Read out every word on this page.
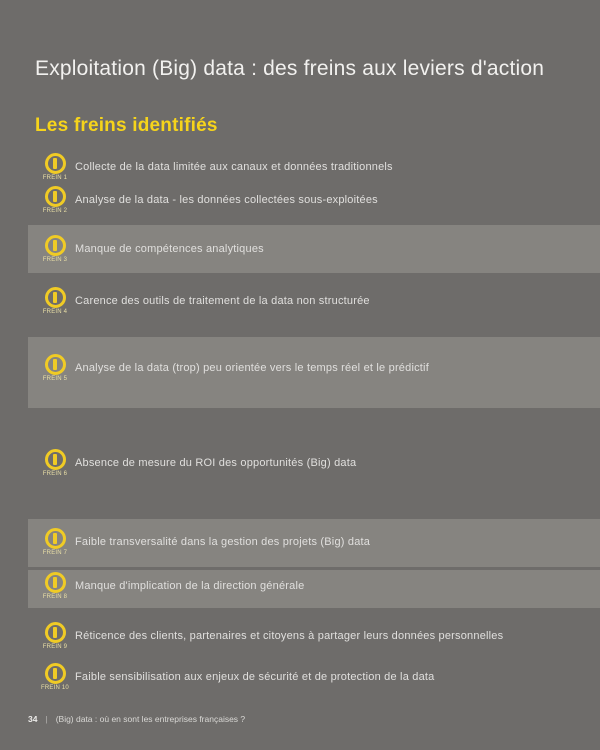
Exploitation (Big) data : des freins aux leviers d'action
Les freins identifiés
FREIN 1
Collecte de la data limitée aux canaux et données traditionnels
FREIN 2
Analyse de la data - les données collectées sous-exploitées
FREIN 3
Manque de compétences analytiques
FREIN 4
Carence des outils de traitement de la data non structurée
FREIN 5
Analyse de la data (trop) peu orientée vers le temps réel et le prédictif
FREIN 6
Absence de mesure du ROI des opportunités (Big) data
FREIN 7
Faible transversalité dans la gestion des projets (Big) data
FREIN 8
Manque d'implication de la direction générale
FREIN 9
Réticence des clients, partenaires et citoyens à partager leurs données personnelles
FREIN 10
Faible sensibilisation aux enjeux de sécurité et de protection de la data
34 | (Big) data : où en sont les entreprises françaises ?
